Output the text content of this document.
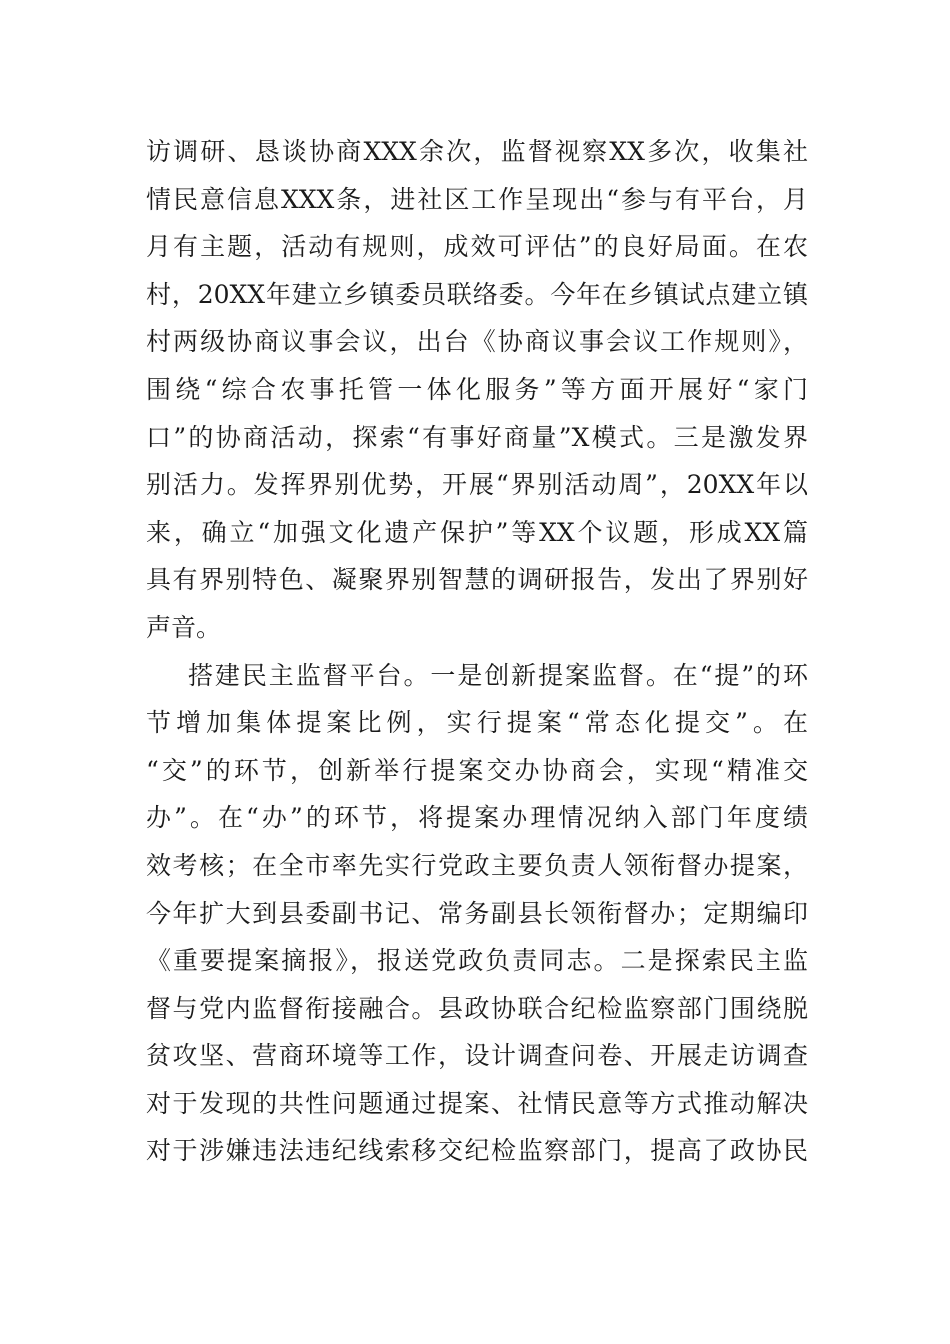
访调研、恳谈协商XXX余次，监督视察XX多次，收集社
情民意信息XXX条，进社区工作呈现出“参与有平台，月
月有主题，活动有规则，成效可评估”的良好局面。在农
村，20XX年建立乡镇委员联络委。今年在乡镇试点建立镇
村两级协商议事会议，出台《协商议事会议工作规则》，
围绕“综合农事托管一体化服务”等方面开展好“家门
口”的协商活动，探索“有事好商量”X模式。三是激发界
别活力。发挥界别优势，开展“界别活动周”，20XX年以
来，确立“加强文化遗产保护”等XX个议题，形成XX篇
具有界别特色、凝聚界别智慧的调研报告，发出了界别好
声音。
搭建民主监督平台。一是创新提案监督。在“提”的环
节增加集体提案比例，实行提案“常态化提交”。在
“交”的环节，创新举行提案交办协商会，实现“精准交
办”。在“办”的环节，将提案办理情况纳入部门年度绩
效考核；在全市率先实行党政主要负责人领衔督办提案，
今年扩大到县委副书记、常务副县长领衔督办；定期编印
《重要提案摘报》，报送党政负责同志。二是探索民主监
督与党内监督衔接融合。县政协联合纪检监察部门围绕脱
贫攻坚、营商环境等工作，设计调查问卷、开展走访调查
对于发现的共性问题通过提案、社情民意等方式推动解决
对于涉嫌违法违纪线索移交纪检监察部门，提高了政协民
